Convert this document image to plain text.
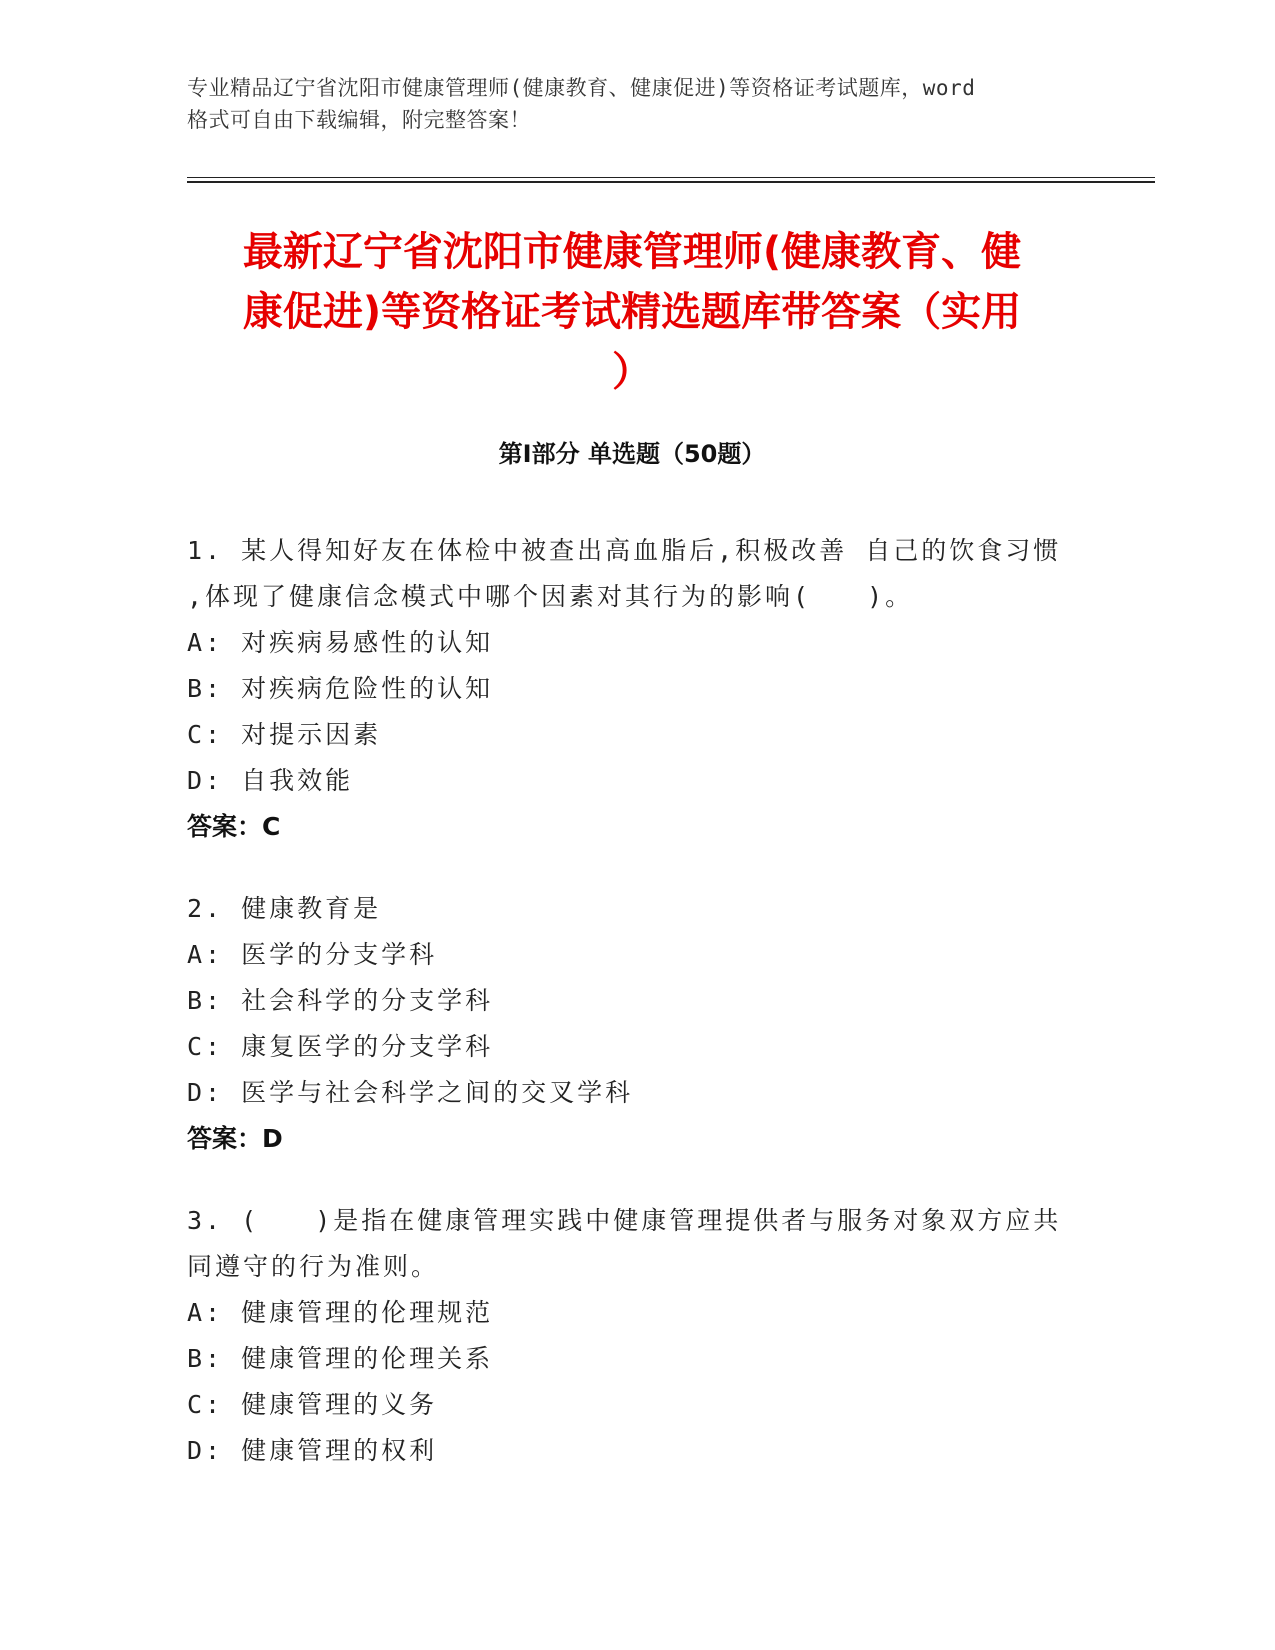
专业精品辽宁省沈阳市健康管理师(健康教育、健康促进)等资格证考试题库，word
格式可自由下载编辑，附完整答案！
最新辽宁省沈阳市健康管理师(健康教育、健
康促进)等资格证考试精选题库带答案（实用
）
第Ⅰ部分 单选题（50题）
1. 某人得知好友在体检中被查出高血脂后,积极改善 自己的饮食习惯
,体现了健康信念模式中哪个因素对其行为的影响(　　)。
A: 对疾病易感性的认知
B: 对疾病危险性的认知
C: 对提示因素
D: 自我效能
答案：C
2. 健康教育是
A: 医学的分支学科
B: 社会科学的分支学科
C: 康复医学的分支学科
D: 医学与社会科学之间的交叉学科
答案：D
3. (　　)是指在健康管理实践中健康管理提供者与服务对象双方应共
同遵守的行为准则。
A: 健康管理的伦理规范
B: 健康管理的伦理关系
C: 健康管理的义务
D: 健康管理的权利
